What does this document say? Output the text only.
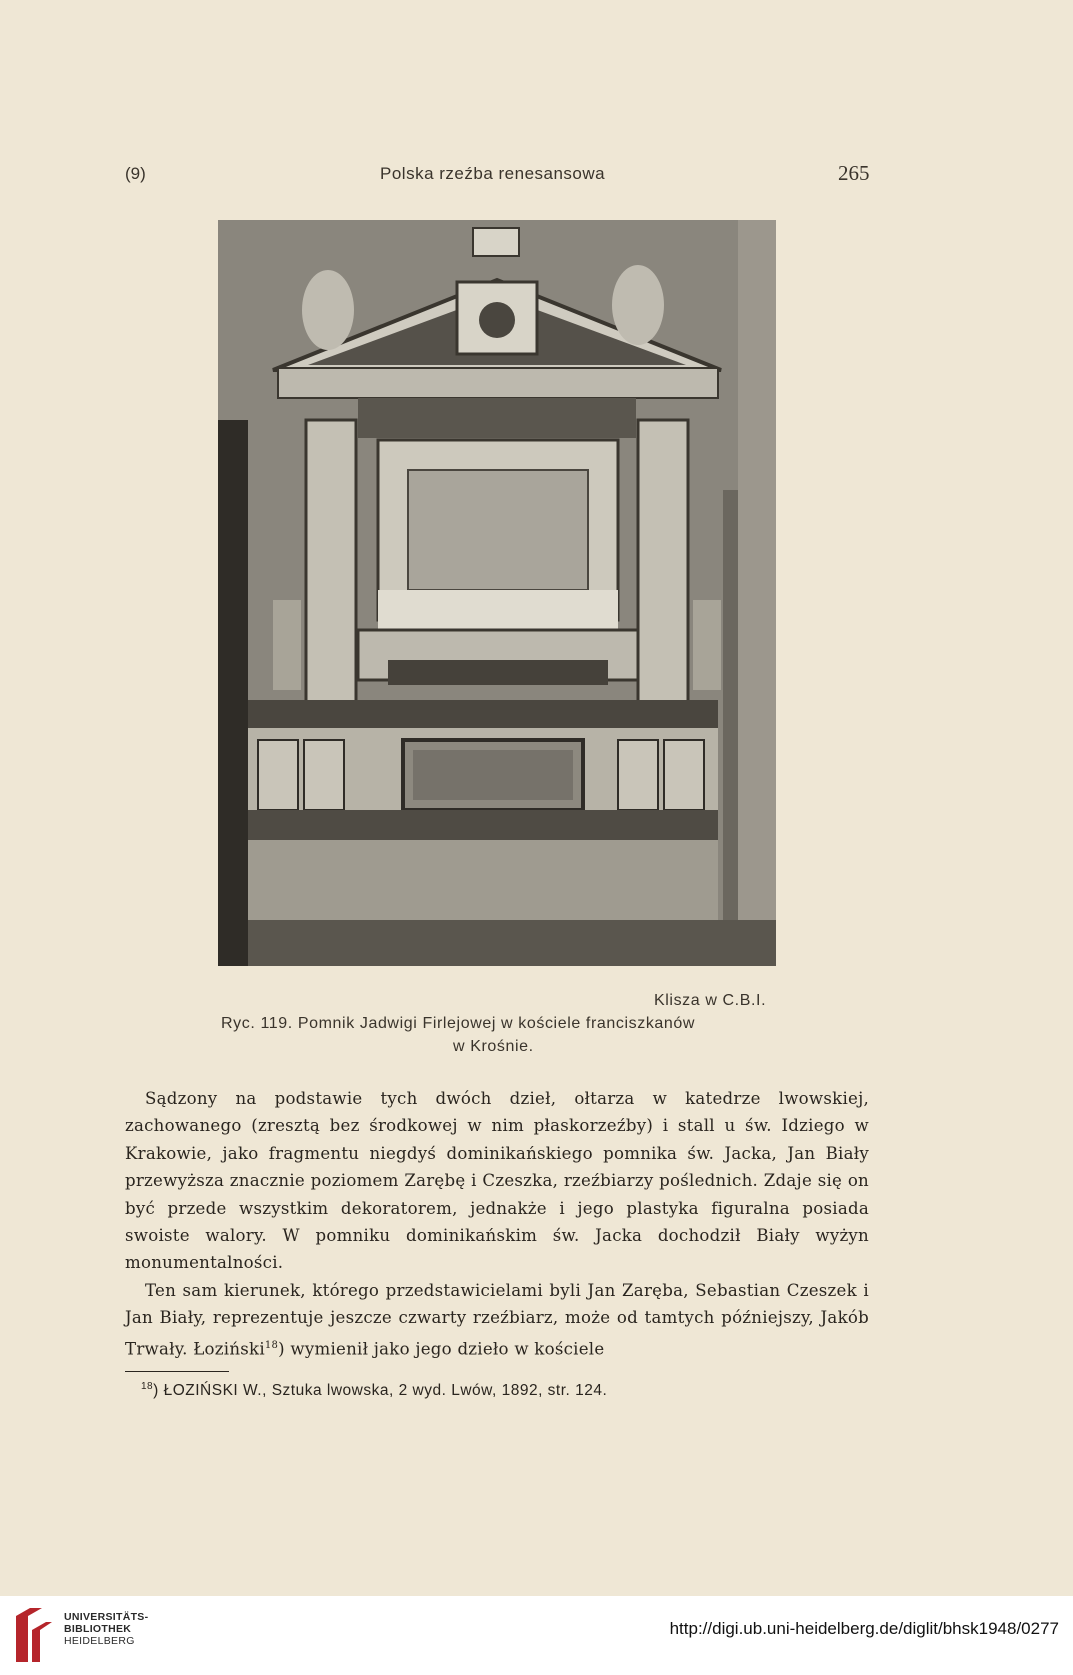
(9)	Polska rzeźba renesansowa	265
Klisza w C.B.I.
Ryc. 119. Pomnik Jadwigi Firlejowej w kościele franciszkanów
w Krośnie.

Sądzony na podstawie tych dwóch dzieł, ołtarza w katedrze lwowskiej, zachowanego (zresztą bez środkowej w nim płaskorzeźby) i stall u św. Idziego w Krakowie, jako fragmentu niegdyś dominikańskiego pomnika św. Jacka, Jan Biały przewyższa znacznie poziomem Zarębę i Czeszka, rzeźbiarzy poślednich. Zdaje się on być przede wszystkim dekoratorem, jednakże i jego plastyka figuralna posiada swoiste walory. W pomniku dominikańskim św. Jacka dochodził Biały wyżyn monumentalności.

Ten sam kierunek, którego przedstawicielami byli Jan Zaręba, Sebastian Czeszek i Jan Biały, reprezentuje jeszcze czwarty rzeźbiarz, może od tamtych późniejszy, Jakób Trwały. Łoziński$^{18}$) wymienił jako jego dzieło w kościele

$^{18}$) ŁOZIŃSKI W., Sztuka lwowska, 2 wyd. Lwów, 1892, str. 124.
UNIVERSITÄTS-
BIBLIOTHEK
HEIDELBERG
http://digi.ub.uni-heidelberg.de/diglit/bhsk1948/0277
